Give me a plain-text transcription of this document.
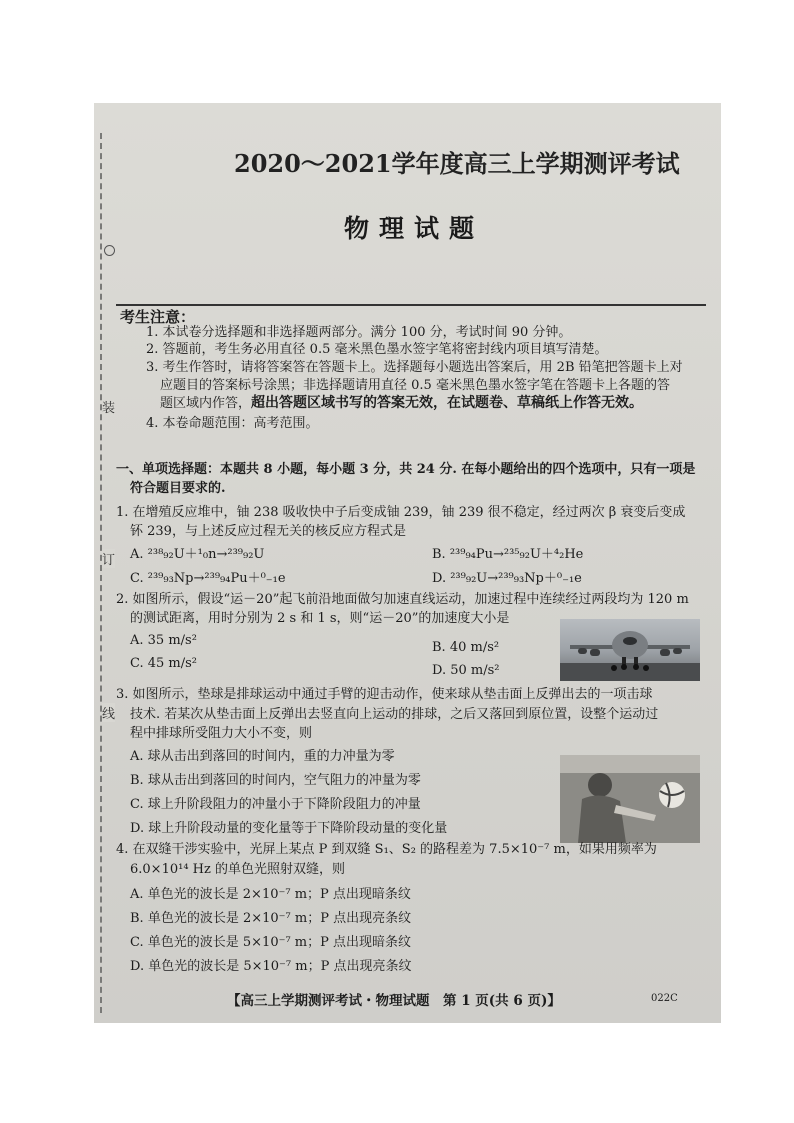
装
订
线
2020～2021学年度高三上学期测评考试
物理试题
考生注意：
1. 本试卷分选择题和非选择题两部分。满分 100 分，考试时间 90 分钟。
2. 答题前，考生务必用直径 0.5 毫米黑色墨水签字笔将密封线内项目填写清楚。
3. 考生作答时，请将答案答在答题卡上。选择题每小题选出答案后，用 2B 铅笔把答题卡上对
应题目的答案标号涂黑；非选择题请用直径 0.5 毫米黑色墨水签字笔在答题卡上各题的答
题区域内作答，超出答题区域书写的答案无效，在试题卷、草稿纸上作答无效。
4. 本卷命题范围：高考范围。
一、单项选择题：本题共 8 小题，每小题 3 分，共 24 分. 在每小题给出的四个选项中，只有一项是
符合题目要求的.
1. 在增殖反应堆中，铀 238 吸收快中子后变成铀 239，铀 239 很不稳定，经过两次 β 衰变后变成
钚 239，与上述反应过程无关的核反应方程式是
A. ²³⁸₉₂U＋¹₀n→²³⁹₉₂U	B. ²³⁹₉₄Pu→²³⁵₉₂U＋⁴₂He
C. ²³⁹₉₃Np→²³⁹₉₄Pu＋⁰₋₁e	D. ²³⁹₉₂U→²³⁹₉₃Np＋⁰₋₁e
2. 如图所示，假设“运－20”起飞前沿地面做匀加速直线运动，加速过程中连续经过两段均为 120 m
的测试距离，用时分别为 2 s 和 1 s，则“运－20”的加速度大小是
A. 35 m/s²	B. 40 m/s²
C. 45 m/s²	D. 50 m/s²
3. 如图所示，垫球是排球运动中通过手臂的迎击动作，使来球从垫击面上反弹出去的一项击球
技术. 若某次从垫击面上反弹出去竖直向上运动的排球，之后又落回到原位置，设整个运动过
程中排球所受阻力大小不变，则
A. 球从击出到落回的时间内，重的力冲量为零
B. 球从击出到落回的时间内，空气阻力的冲量为零
C. 球上升阶段阻力的冲量小于下降阶段阻力的冲量
D. 球上升阶段动量的变化量等于下降阶段动量的变化量
4. 在双缝干涉实验中，光屏上某点 P 到双缝 S₁、S₂ 的路程差为 7.5×10⁻⁷ m，如果用频率为
6.0×10¹⁴ Hz 的单色光照射双缝，则
A. 单色光的波长是 2×10⁻⁷ m；P 点出现暗条纹
B. 单色光的波长是 2×10⁻⁷ m；P 点出现亮条纹
C. 单色光的波长是 5×10⁻⁷ m；P 点出现暗条纹
D. 单色光的波长是 5×10⁻⁷ m；P 点出现亮条纹
【高三上学期测评考试・物理试题　第 1 页(共 6 页)】	022C
